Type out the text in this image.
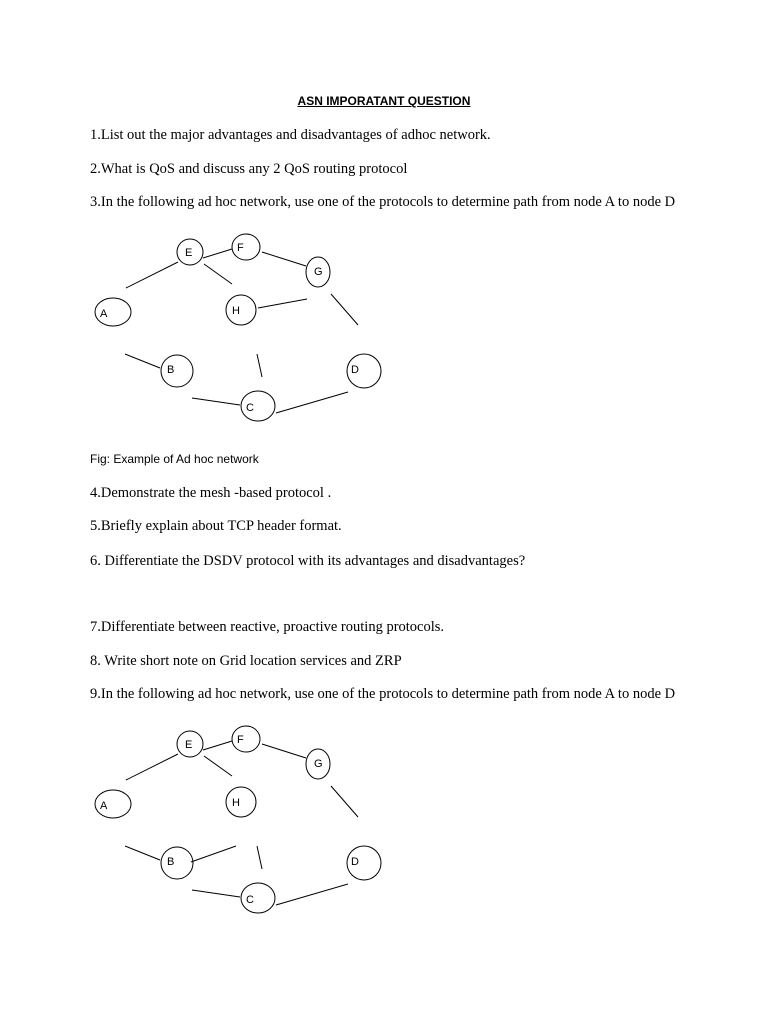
ASN IMPORATANT QUESTION
1.List out the major advantages and disadvantages of adhoc network.
2.What is QoS and discuss any 2 QoS routing protocol
3.In the following ad hoc network, use one of the protocols to determine path from node A to node D
E	F
G
A	H
B	D
C
Fig: Example of Ad hoc network
4.Demonstrate the mesh -based protocol .
5.Briefly explain about TCP header format.
6. Differentiate the DSDV protocol with its advantages and disadvantages?
7.Differentiate between reactive, proactive routing protocols.
8. Write short note on Grid location services and ZRP
9.In the following ad hoc network, use one of the protocols to determine path from node A to node D
E	F
G
A	H
B	D
C
